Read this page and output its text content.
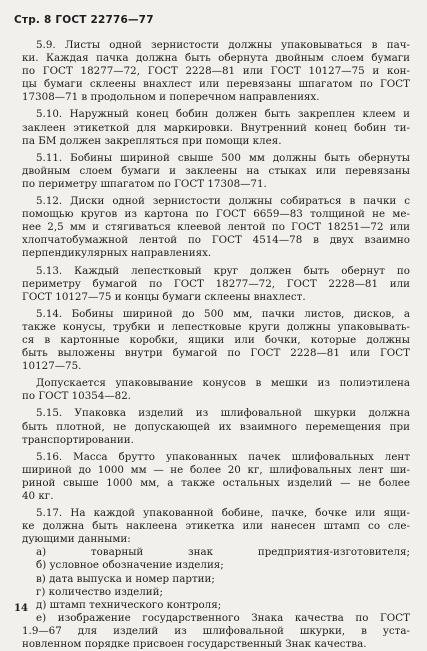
Стр. 8 ГОСТ 22776—77
5.9. Листы одной зернистости должны упаковываться в пач-
ки. Каждая пачка должна быть обернута двойным слоем бумаги
по ГОСТ 18277—72, ГОСТ 2228—81 или ГОСТ 10127—75 и кон-
цы бумаги склеены внахлест или перевязаны шпагатом по ГОСТ
17308—71 в продольном и поперечном направлениях.
5.10. Наружный конец бобин должен быть закреплен клеем и
заклеен этикеткой для маркировки. Внутренний конец бобин ти-
па БМ должен закрепляться при помощи клея.
5.11. Бобины шириной свыше 500 мм должны быть обернуты
двойным слоем бумаги и заклеены на стыках или перевязаны
по периметру шпагатом по ГОСТ 17308—71.
5.12. Диски одной зернистости должны собираться в пачки с
помощью кругов из картона по ГОСТ 6659—83 толщиной не ме-
нее 2,5 мм и стягиваться клеевой лентой по ГОСТ 18251—72 или
хлопчатобумажной лентой по ГОСТ 4514—78 в двух взаимно
перпендикулярных направлениях.
5.13. Каждый лепестковый круг должен быть обернут по
периметру бумагой по ГОСТ 18277—72, ГОСТ 2228—81 или
ГОСТ 10127—75 и концы бумаги склеены внахлест.
5.14. Бобины шириной до 500 мм, пачки листов, дисков, а
также конусы, трубки и лепестковые круги должны упаковывать-
ся в картонные коробки, ящики или бочки, которые должны
быть выложены внутри бумагой по ГОСТ 2228—81 или ГОСТ
10127—75.
Допускается упаковывание конусов в мешки из полиэтилена
по ГОСТ 10354—82.
5.15. Упаковка изделий из шлифовальной шкурки должна
быть плотной, не допускающей их взаимного перемещения при
транспортировании.
5.16. Масса брутто упакованных пачек шлифовальных лент
шириной до 1000 мм — не более 20 кг, шлифовальных лент ши-
риной свыше 1000 мм, а также остальных изделий — не более
40 кг.
5.17. На каждой упакованной бобине, пачке, бочке или ящи-
ке должна быть наклеена этикетка или нанесен штамп со сле-
дующими данными:
а) товарный знак предприятия-изготовителя;
б) условное обозначение изделия;
в) дата выпуска и номер партии;
г) количество изделий;
д) штамп технического контроля;
е) изображение государственного Знака качества по ГОСТ
1.9—67 для изделий из шлифовальной шкурки, в уста-
новленном порядке присвоен государственный Знак качества.
14
